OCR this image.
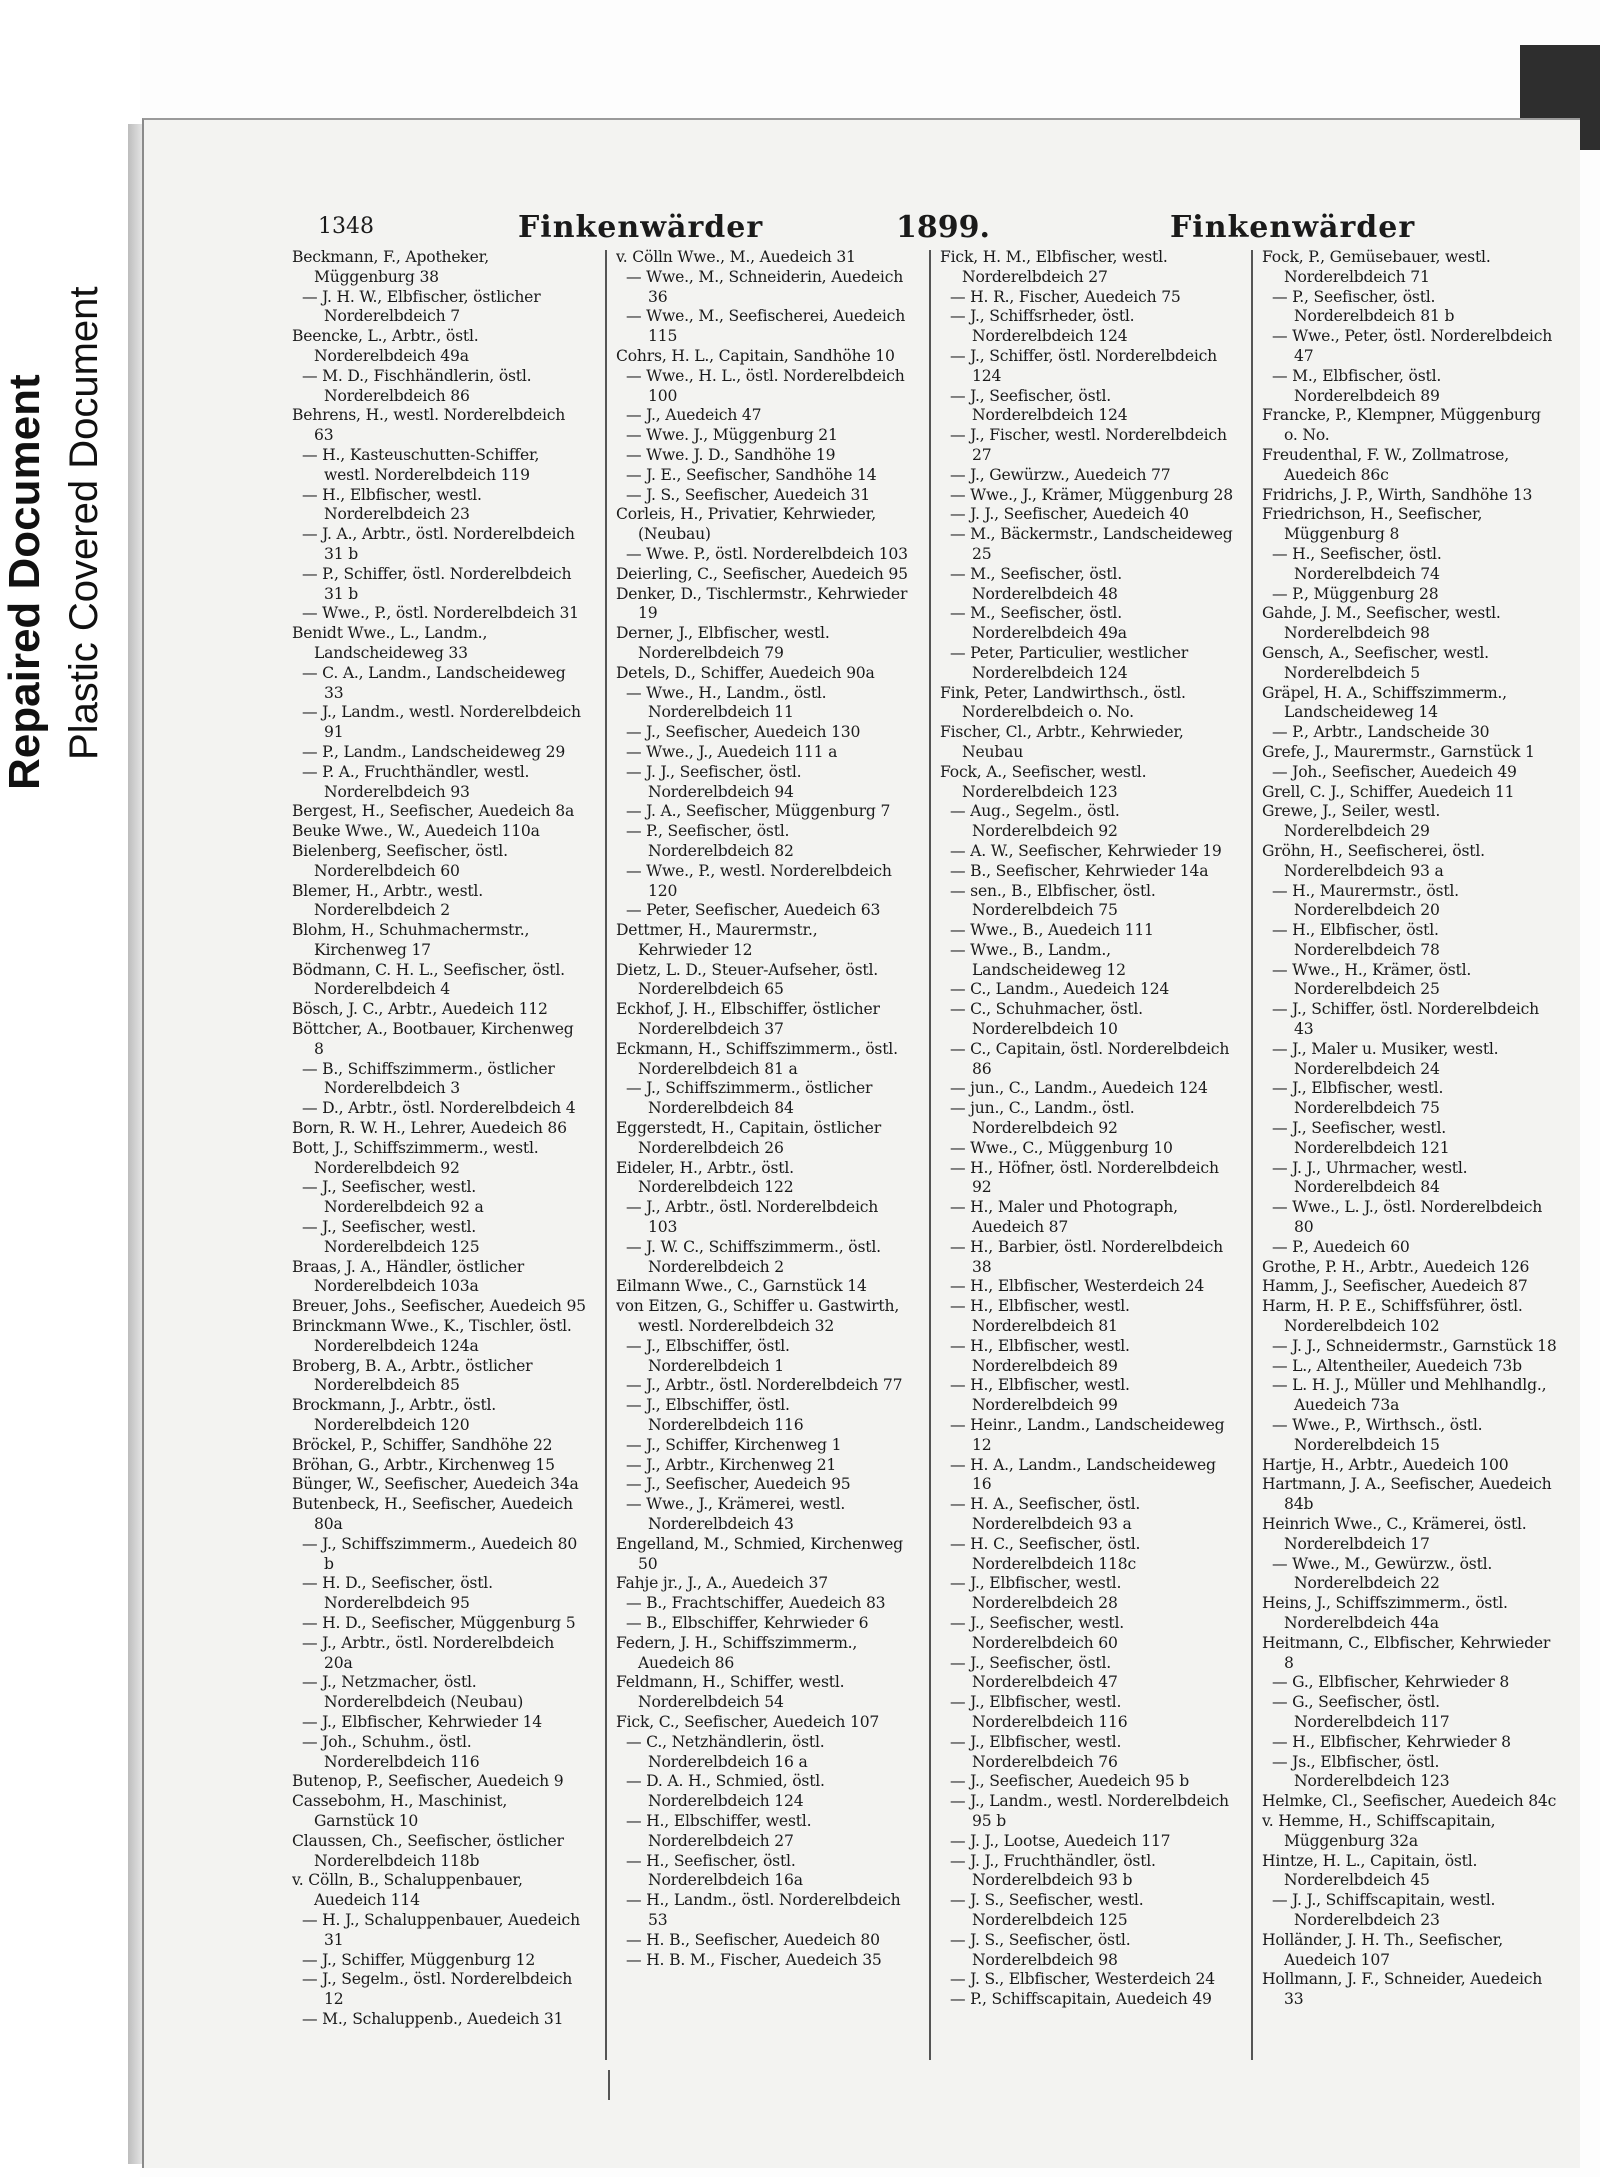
Repaired Document Plastic Covered Document
1348	Finkenwärder	1899.	Finkenwärder

Beckmann, F., Apotheker, Müggenburg 38

— J. H. W., Elbfischer, östlicher Norderelbdeich 7

Beencke, L., Arbtr., östl. Norderelbdeich 49a

— M. D., Fischhändlerin, östl. Norderelbdeich 86

Behrens, H., westl. Norderelbdeich 63

— H., Kasteuschutten-Schiffer, westl. Norderelbdeich 119

— H., Elbfischer, westl. Norderelbdeich 23

— J. A., Arbtr., östl. Norderelbdeich 31 b

— P., Schiffer, östl. Norderelbdeich 31 b

— Wwe., P., östl. Norderelbdeich 31

Benidt Wwe., L., Landm., Landscheideweg 33

— C. A., Landm., Landscheideweg 33

— J., Landm., westl. Norderelbdeich 91

— P., Landm., Landscheideweg 29

— P. A., Fruchthändler, westl. Norderelbdeich 93

Bergest, H., Seefischer, Auedeich 8a

Beuke Wwe., W., Auedeich 110a

Bielenberg, Seefischer, östl. Norderelbdeich 60

Blemer, H., Arbtr., westl. Norderelbdeich 2

Blohm, H., Schuhmachermstr., Kirchenweg 17

Bödmann, C. H. L., Seefischer, östl. Norderelbdeich 4

Bösch, J. C., Arbtr., Auedeich 112

Böttcher, A., Bootbauer, Kirchenweg 8

— B., Schiffszimmerm., östlicher Norderelbdeich 3

— D., Arbtr., östl. Norderelbdeich 4

Born, R. W. H., Lehrer, Auedeich 86

Bott, J., Schiffszimmerm., westl. Norderelbdeich 92

— J., Seefischer, westl. Norderelbdeich 92 a

— J., Seefischer, westl. Norderelbdeich 125

Braas, J. A., Händler, östlicher Norderelbdeich 103a

Breuer, Johs., Seefischer, Auedeich 95

Brinckmann Wwe., K., Tischler, östl. Norderelbdeich 124a

Broberg, B. A., Arbtr., östlicher Norderelbdeich 85

Brockmann, J., Arbtr., östl. Norderelbdeich 120

Bröckel, P., Schiffer, Sandhöhe 22

Bröhan, G., Arbtr., Kirchenweg 15

Bünger, W., Seefischer, Auedeich 34a

Butenbeck, H., Seefischer, Auedeich 80a

— J., Schiffszimmerm., Auedeich 80 b

— H. D., Seefischer, östl. Norderelbdeich 95

— H. D., Seefischer, Müggenburg 5

— J., Arbtr., östl. Norderelbdeich 20a

— J., Netzmacher, östl. Norderelbdeich (Neubau)

— J., Elbfischer, Kehrwieder 14

— Joh., Schuhm., östl. Norderelbdeich 116

Butenop, P., Seefischer, Auedeich 9

Cassebohm, H., Maschinist, Garnstück 10

Claussen, Ch., Seefischer, östlicher Norderelbdeich 118b

v. Cölln, B., Schaluppenbauer, Auedeich 114

— H. J., Schaluppenbauer, Auedeich 31

— J., Schiffer, Müggenburg 12

— J., Segelm., östl. Norderelbdeich 12

— M., Schaluppenb., Auedeich 31

v. Cölln Wwe., M., Auedeich 31

— Wwe., M., Schneiderin, Auedeich 36

— Wwe., M., Seefischerei, Auedeich 115

Cohrs, H. L., Capitain, Sandhöhe 10

— Wwe., H. L., östl. Norderelbdeich 100

— J., Auedeich 47

— Wwe. J., Müggenburg 21

— Wwe. J. D., Sandhöhe 19

— J. E., Seefischer, Sandhöhe 14

— J. S., Seefischer, Auedeich 31

Corleis, H., Privatier, Kehrwieder, (Neubau)

— Wwe. P., östl. Norderelbdeich 103

Deierling, C., Seefischer, Auedeich 95

Denker, D., Tischlermstr., Kehrwieder 19

Derner, J., Elbfischer, westl. Norderelbdeich 79

Detels, D., Schiffer, Auedeich 90a

— Wwe., H., Landm., östl. Norderelbdeich 11

— J., Seefischer, Auedeich 130

— Wwe., J., Auedeich 111 a

— J. J., Seefischer, östl. Norderelbdeich 94

— J. A., Seefischer, Müggenburg 7

— P., Seefischer, östl. Norderelbdeich 82

— Wwe., P., westl. Norderelbdeich 120

— Peter, Seefischer, Auedeich 63

Dettmer, H., Maurermstr., Kehrwieder 12

Dietz, L. D., Steuer-Aufseher, östl. Norderelbdeich 65

Eckhof, J. H., Elbschiffer, östlicher Norderelbdeich 37

Eckmann, H., Schiffszimmerm., östl. Norderelbdeich 81 a

— J., Schiffszimmerm., östlicher Norderelbdeich 84

Eggerstedt, H., Capitain, östlicher Norderelbdeich 26

Eideler, H., Arbtr., östl. Norderelbdeich 122

— J., Arbtr., östl. Norderelbdeich 103

— J. W. C., Schiffszimmerm., östl. Norderelbdeich 2

Eilmann Wwe., C., Garnstück 14

von Eitzen, G., Schiffer u. Gastwirth, westl. Norderelbdeich 32

— J., Elbschiffer, östl. Norderelbdeich 1

— J., Arbtr., östl. Norderelbdeich 77

— J., Elbschiffer, östl. Norderelbdeich 116

— J., Schiffer, Kirchenweg 1

— J., Arbtr., Kirchenweg 21

— J., Seefischer, Auedeich 95

— Wwe., J., Krämerei, westl. Norderelbdeich 43

Engelland, M., Schmied, Kirchenweg 50

Fahje jr., J., A., Auedeich 37

— B., Frachtschiffer, Auedeich 83

— B., Elbschiffer, Kehrwieder 6

Federn, J. H., Schiffszimmerm., Auedeich 86

Feldmann, H., Schiffer, westl. Norderelbdeich 54

Fick, C., Seefischer, Auedeich 107

— C., Netzhändlerin, östl. Norderelbdeich 16 a

— D. A. H., Schmied, östl. Norderelbdeich 124

— H., Elbschiffer, westl. Norderelbdeich 27

— H., Seefischer, östl. Norderelbdeich 16a

— H., Landm., östl. Norderelbdeich 53

— H. B., Seefischer, Auedeich 80

— H. B. M., Fischer, Auedeich 35

Fick, H. M., Elbfischer, westl. Norderelbdeich 27

— H. R., Fischer, Auedeich 75

— J., Schiffsrheder, östl. Norderelbdeich 124

— J., Schiffer, östl. Norderelbdeich 124

— J., Seefischer, östl. Norderelbdeich 124

— J., Fischer, westl. Norderelbdeich 27

— J., Gewürzw., Auedeich 77

— Wwe., J., Krämer, Müggenburg 28

— J. J., Seefischer, Auedeich 40

— M., Bäckermstr., Landscheideweg 25

— M., Seefischer, östl. Norderelbdeich 48

— M., Seefischer, östl. Norderelbdeich 49a

— Peter, Particulier, westlicher Norderelbdeich 124

Fink, Peter, Landwirthsch., östl. Norderelbdeich o. No.

Fischer, Cl., Arbtr., Kehrwieder, Neubau

Fock, A., Seefischer, westl. Norderelbdeich 123

— Aug., Segelm., östl. Norderelbdeich 92

— A. W., Seefischer, Kehrwieder 19

— B., Seefischer, Kehrwieder 14a

— sen., B., Elbfischer, östl. Norderelbdeich 75

— Wwe., B., Auedeich 111

— Wwe., B., Landm., Landscheideweg 12

— C., Landm., Auedeich 124

— C., Schuhmacher, östl. Norderelbdeich 10

— C., Capitain, östl. Norderelbdeich 86

— jun., C., Landm., Auedeich 124

— jun., C., Landm., östl. Norderelbdeich 92

— Wwe., C., Müggenburg 10

— H., Höfner, östl. Norderelbdeich 92

— H., Maler und Photograph, Auedeich 87

— H., Barbier, östl. Norderelbdeich 38

— H., Elbfischer, Westerdeich 24

— H., Elbfischer, westl. Norderelbdeich 81

— H., Elbfischer, westl. Norderelbdeich 89

— H., Elbfischer, westl. Norderelbdeich 99

— Heinr., Landm., Landscheideweg 12

— H. A., Landm., Landscheideweg 16

— H. A., Seefischer, östl. Norderelbdeich 93 a

— H. C., Seefischer, östl. Norderelbdeich 118c

— J., Elbfischer, westl. Norderelbdeich 28

— J., Seefischer, westl. Norderelbdeich 60

— J., Seefischer, östl. Norderelbdeich 47

— J., Elbfischer, westl. Norderelbdeich 116

— J., Elbfischer, westl. Norderelbdeich 76

— J., Seefischer, Auedeich 95 b

— J., Landm., westl. Norderelbdeich 95 b

— J. J., Lootse, Auedeich 117

— J. J., Fruchthändler, östl. Norderelbdeich 93 b

— J. S., Seefischer, westl. Norderelbdeich 125

— J. S., Seefischer, östl. Norderelbdeich 98

— J. S., Elbfischer, Westerdeich 24

— P., Schiffscapitain, Auedeich 49

Fock, P., Gemüsebauer, westl. Norderelbdeich 71

— P., Seefischer, östl. Norderelbdeich 81 b

— Wwe., Peter, östl. Norderelbdeich 47

— M., Elbfischer, östl. Norderelbdeich 89

Francke, P., Klempner, Müggenburg o. No.

Freudenthal, F. W., Zollmatrose, Auedeich 86c

Fridrichs, J. P., Wirth, Sandhöhe 13

Friedrichson, H., Seefischer, Müggenburg 8

— H., Seefischer, östl. Norderelbdeich 74

— P., Müggenburg 28

Gahde, J. M., Seefischer, westl. Norderelbdeich 98

Gensch, A., Seefischer, westl. Norderelbdeich 5

Gräpel, H. A., Schiffszimmerm., Landscheideweg 14

— P., Arbtr., Landscheide 30

Grefe, J., Maurermstr., Garnstück 1

— Joh., Seefischer, Auedeich 49

Grell, C. J., Schiffer, Auedeich 11

Grewe, J., Seiler, westl. Norderelbdeich 29

Gröhn, H., Seefischerei, östl. Norderelbdeich 93 a

— H., Maurermstr., östl. Norderelbdeich 20

— H., Elbfischer, östl. Norderelbdeich 78

— Wwe., H., Krämer, östl. Norderelbdeich 25

— J., Schiffer, östl. Norderelbdeich 43

— J., Maler u. Musiker, westl. Norderelbdeich 24

— J., Elbfischer, westl. Norderelbdeich 75

— J., Seefischer, westl. Norderelbdeich 121

— J. J., Uhrmacher, westl. Norderelbdeich 84

— Wwe., L. J., östl. Norderelbdeich 80

— P., Auedeich 60

Grothe, P. H., Arbtr., Auedeich 126

Hamm, J., Seefischer, Auedeich 87

Harm, H. P. E., Schiffsführer, östl. Norderelbdeich 102

— J. J., Schneidermstr., Garnstück 18

— L., Altentheiler, Auedeich 73b

— L. H. J., Müller und Mehlhandlg., Auedeich 73a

— Wwe., P., Wirthsch., östl. Norderelbdeich 15

Hartje, H., Arbtr., Auedeich 100

Hartmann, J. A., Seefischer, Auedeich 84b

Heinrich Wwe., C., Krämerei, östl. Norderelbdeich 17

— Wwe., M., Gewürzw., östl. Norderelbdeich 22

Heins, J., Schiffszimmerm., östl. Norderelbdeich 44a

Heitmann, C., Elbfischer, Kehrwieder 8

— G., Elbfischer, Kehrwieder 8

— G., Seefischer, östl. Norderelbdeich 117

— H., Elbfischer, Kehrwieder 8

— Js., Elbfischer, östl. Norderelbdeich 123

Helmke, Cl., Seefischer, Auedeich 84c

v. Hemme, H., Schiffscapitain, Müggenburg 32a

Hintze, H. L., Capitain, östl. Norderelbdeich 45

— J. J., Schiffscapitain, westl. Norderelbdeich 23

Holländer, J. H. Th., Seefischer, Auedeich 107

Hollmann, J. F., Schneider, Auedeich 33
